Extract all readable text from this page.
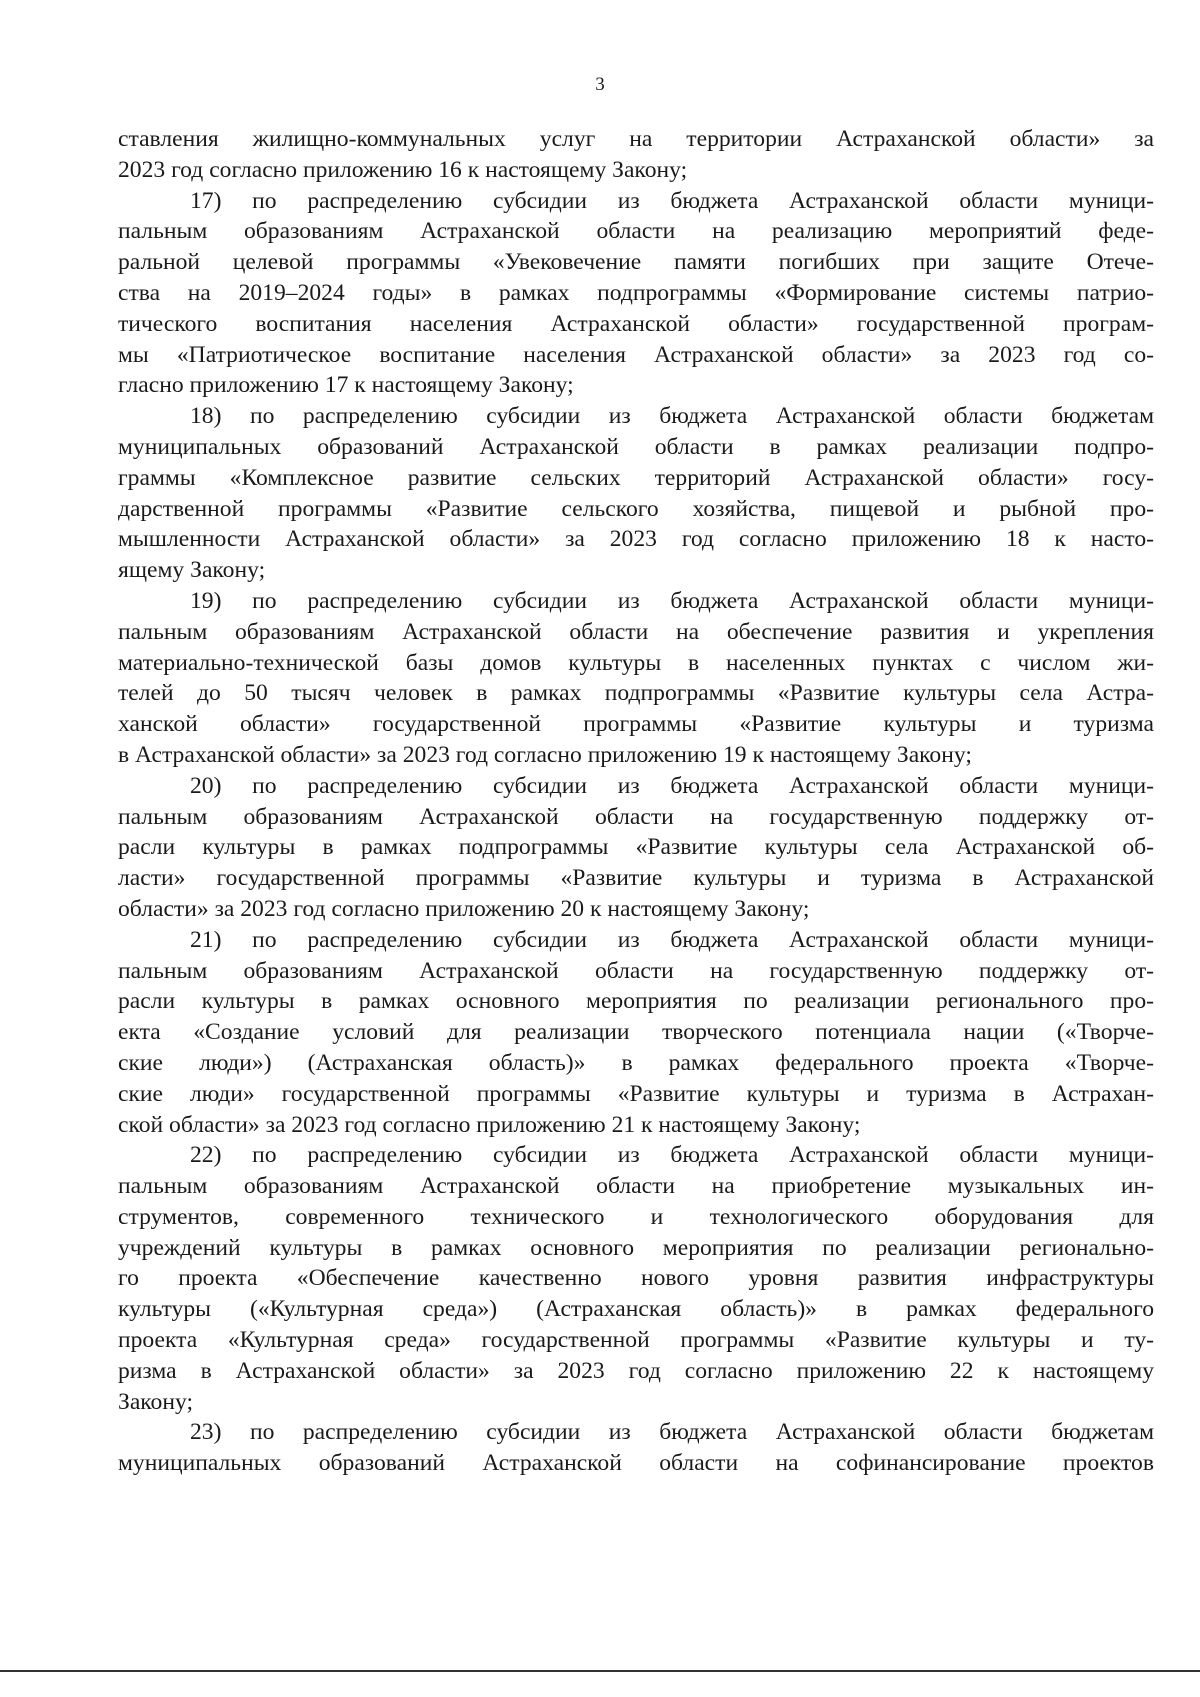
3
ставления жилищно-коммунальных услуг на территории Астраханской области» за
2023 год согласно приложению 16 к настоящему Закону;
17) по распределению субсидии из бюджета Астраханской области муници-
пальным образованиям Астраханской области на реализацию мероприятий феде-
ральной целевой программы «Увековечение памяти погибших при защите Отече-
ства на 2019–2024 годы» в рамках подпрограммы «Формирование системы патрио-
тического воспитания населения Астраханской области» государственной програм-
мы «Патриотическое воспитание населения Астраханской области» за 2023 год со-
гласно приложению 17 к настоящему Закону;
18) по распределению субсидии из бюджета Астраханской области бюджетам
муниципальных образований Астраханской области в рамках реализации подпро-
граммы «Комплексное развитие сельских территорий Астраханской области» госу-
дарственной программы «Развитие сельского хозяйства, пищевой и рыбной про-
мышленности Астраханской области» за 2023 год согласно приложению 18 к насто-
ящему Закону;
19) по распределению субсидии из бюджета Астраханской области муници-
пальным образованиям Астраханской области на обеспечение развития и укрепления
материально-технической базы домов культуры в населенных пунктах с числом жи-
телей до 50 тысяч человек в рамках подпрограммы «Развитие культуры села Астра-
ханской области» государственной программы «Развитие культуры и туризма
в Астраханской области» за 2023 год согласно приложению 19 к настоящему Закону;
20) по распределению субсидии из бюджета Астраханской области муници-
пальным образованиям Астраханской области на государственную поддержку от-
расли культуры в рамках подпрограммы «Развитие культуры села Астраханской об-
ласти» государственной программы «Развитие культуры и туризма в Астраханской
области» за 2023 год согласно приложению 20 к настоящему Закону;
21) по распределению субсидии из бюджета Астраханской области муници-
пальным образованиям Астраханской области на государственную поддержку от-
расли культуры в рамках основного мероприятия по реализации регионального про-
екта «Создание условий для реализации творческого потенциала нации («Творче-
ские люди») (Астраханская область)» в рамках федерального проекта «Творче-
ские люди» государственной программы «Развитие культуры и туризма в Астрахан-
ской области» за 2023 год согласно приложению 21 к настоящему Закону;
22) по распределению субсидии из бюджета Астраханской области муници-
пальным образованиям Астраханской области на приобретение музыкальных ин-
струментов, современного технического и технологического оборудования для
учреждений культуры в рамках основного мероприятия по реализации регионально-
го проекта «Обеспечение качественно нового уровня развития инфраструктуры
культуры («Культурная среда») (Астраханская область)» в рамках федерального
проекта «Культурная среда» государственной программы «Развитие культуры и ту-
ризма в Астраханской области» за 2023 год согласно приложению 22 к настоящему
Закону;
23) по распределению субсидии из бюджета Астраханской области бюджетам
муниципальных образований Астраханской области на софинансирование проектов
